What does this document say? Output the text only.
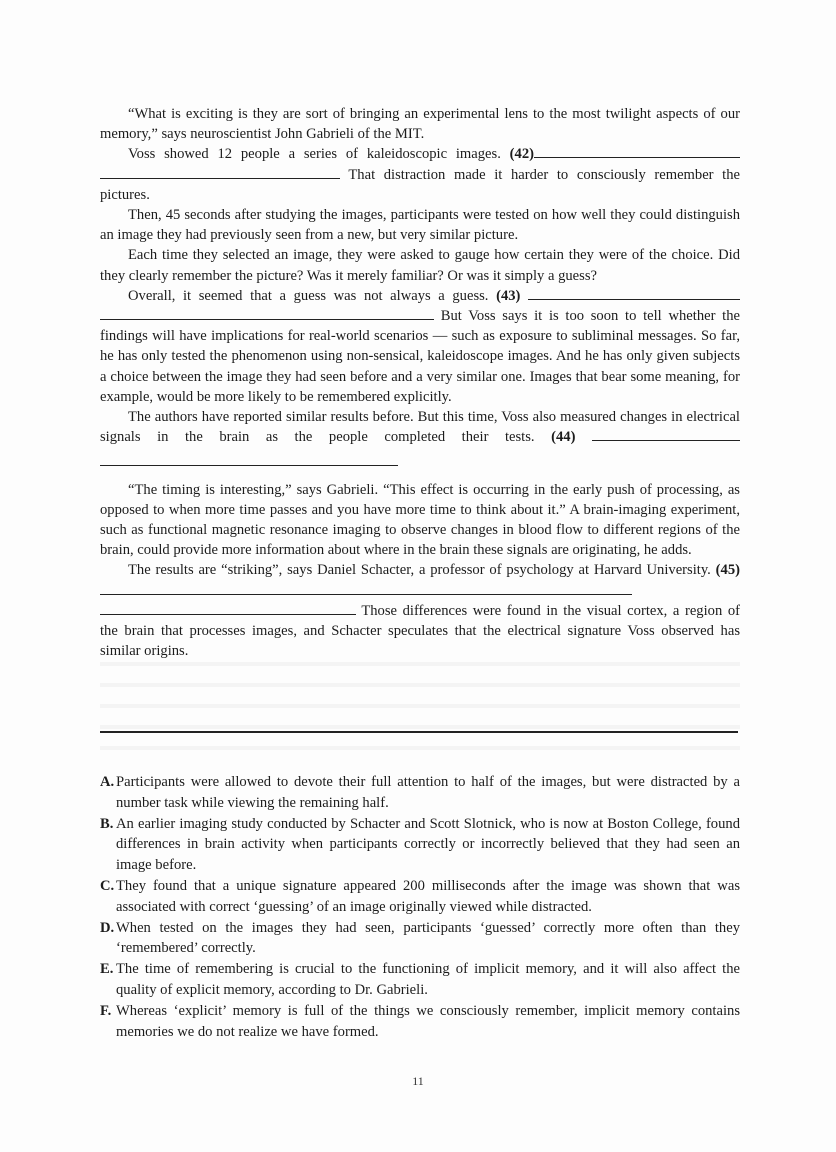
“What is exciting is they are sort of bringing an experimental lens to the most twilight aspects of our memory,” says neuroscientist John Gabrieli of the MIT.

Voss showed 12 people a series of kaleidoscopic images. (42)  That distraction made it harder to consciously remember the pictures.

Then, 45 seconds after studying the images, participants were tested on how well they could distinguish an image they had previously seen from a new, but very similar picture.

Each time they selected an image, they were asked to gauge how certain they were of the choice. Did they clearly remember the picture? Was it merely familiar? Or was it simply a guess?

Overall, it seemed that a guess was not always a guess. (43)   But Voss says it is too soon to tell whether the findings will have implications for real-world scenarios — such as exposure to subliminal messages. So far, he has only tested the phenomenon using non-sensical, kaleidoscope images. And he has only given subjects a choice between the image they had seen before and a very similar one. Images that bear some meaning, for example, would be more likely to be remembered explicitly.

The authors have reported similar results before. But this time, Voss also measured changes in electrical signals in the brain as the people completed their tests. (44)

“The timing is interesting,” says Gabrieli. “This effect is occurring in the early push of processing, as opposed to when more time passes and you have more time to think about it.” A brain-imaging experiment, such as functional magnetic resonance imaging to observe changes in blood flow to different regions of the brain, could provide more information about where in the brain these signals are originating, he adds.

The results are “striking”, says Daniel Schacter, a professor of psychology at Harvard University. (45)   Those differences were found in the visual cortex, a region of the brain that processes images, and Schacter speculates that the electrical signature Voss observed has similar origins.

A. Participants were allowed to devote their full attention to half of the images, but were distracted by a number task while viewing the remaining half.
B. An earlier imaging study conducted by Schacter and Scott Slotnick, who is now at Boston College, found differences in brain activity when participants correctly or incorrectly believed that they had seen an image before.
C. They found that a unique signature appeared 200 milliseconds after the image was shown that was associated with correct ‘guessing’ of an image originally viewed while distracted.
D. When tested on the images they had seen, participants ‘guessed’ correctly more often than they ‘remembered’ correctly.
E. The time of remembering is crucial to the functioning of implicit memory, and it will also affect the quality of explicit memory, according to Dr. Gabrieli.
F. Whereas ‘explicit’ memory is full of the things we consciously remember, implicit memory contains memories we do not realize we have formed.
11
